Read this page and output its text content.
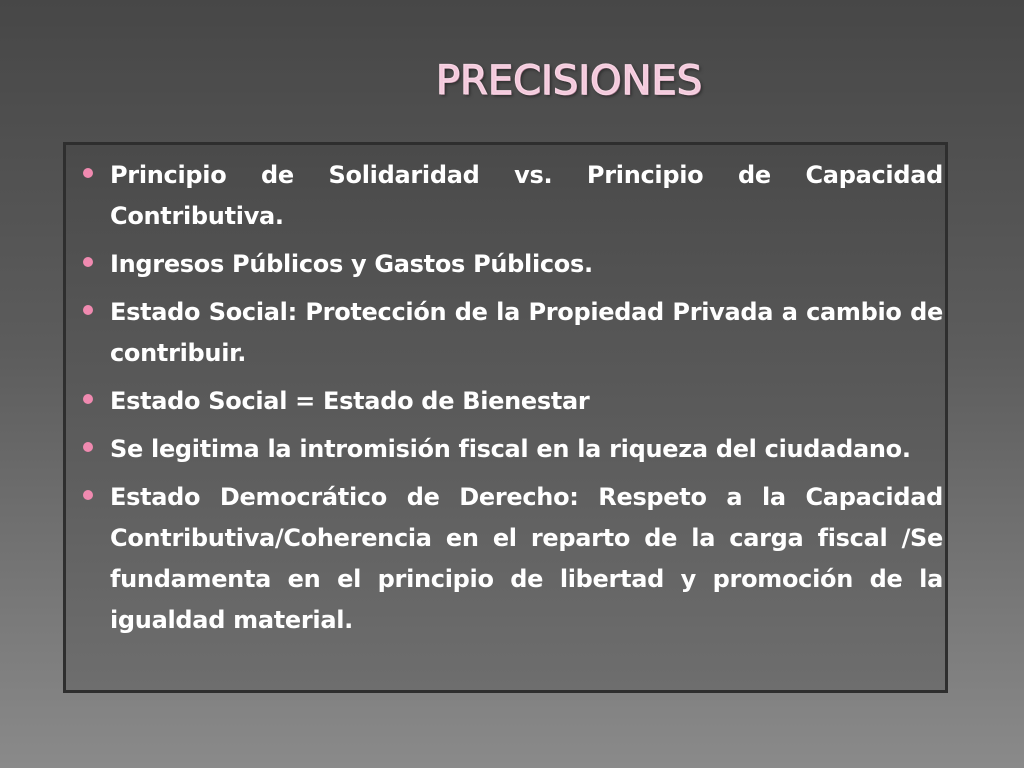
PRECISIONES
Principio de Solidaridad vs. Principio de Capacidad Contributiva.
Ingresos Públicos y Gastos Públicos.
Estado Social: Protección de la Propiedad Privada a cambio de contribuir.
Estado Social = Estado de Bienestar
Se legitima la intromisión fiscal en la riqueza del ciudadano.
Estado Democrático de Derecho: Respeto a la Capacidad Contributiva/Coherencia en el reparto de la carga fiscal /Se fundamenta en el principio de libertad y promoción de la igualdad material.
